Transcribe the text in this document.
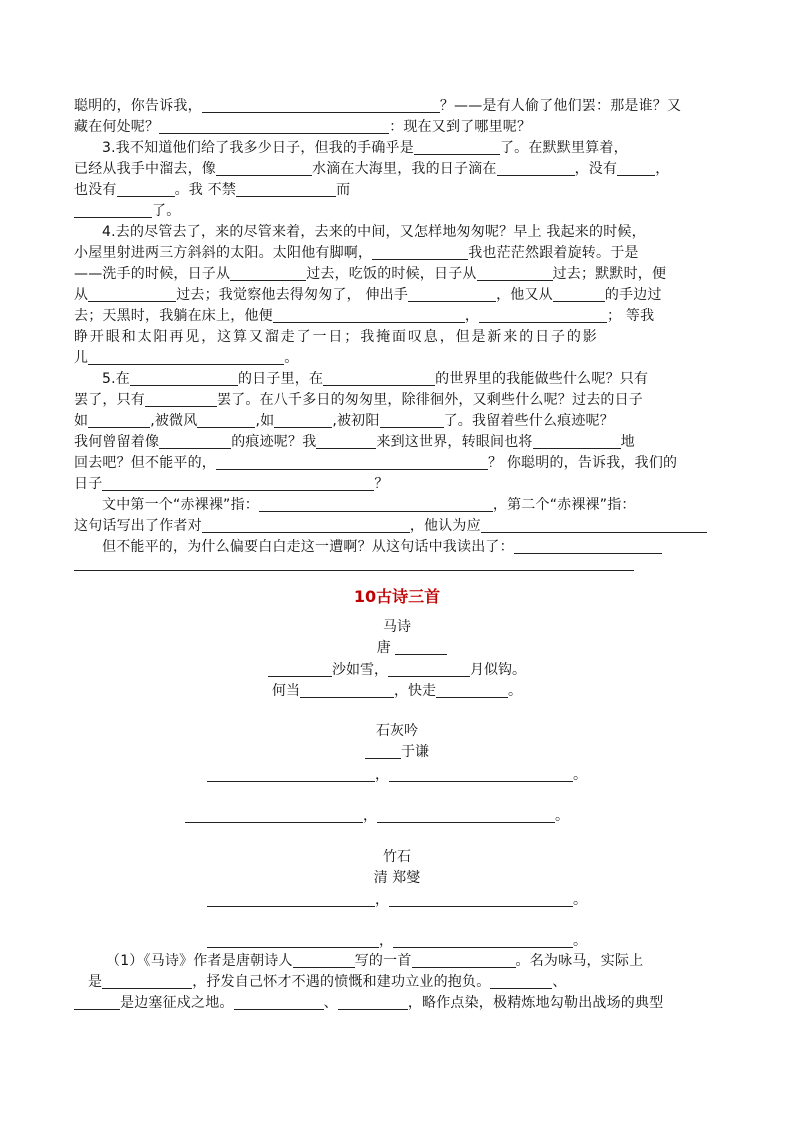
聪明的，你告诉我，	？——是有人偷了他们罢：那是谁？又
藏在何处呢？	：现在又到了哪里呢？
3.我不知道他们给了我多少日子，但我的手确乎是	了。在默默里算着，
已经从我手中溜去，像	水滴在大海里，我的日子滴在	，没有	，
也没有	。我 不禁	而
了。
4.去的尽管去了，来的尽管来着，去来的中间，又怎样地匆匆呢？早上 我起来的时候，
小屋里射进两三方斜斜的太阳。太阳他有脚啊，	我也茫茫然跟着旋转。于是
——洗手的时候，日子从	过去，吃饭的时候，日子从	过去；默默时，便
从	过去；我觉察他去得匆匆了， 伸出手	，他又从	的手边过
去；天黑时，我躺在床上，他便	，	； 等我
睁开眼和太阳再见，这算又溜走了一日；我掩面叹息，但是新来的日子的影
儿	。
5.在	的日子里，在	的世界里的我能做些什么呢？只有
罢了，只有	罢了。在八千多日的匆匆里，除徘徊外，又剩些什么呢？过去的日子
如	,被微风	,如	,被初阳	了。我留着些什么痕迹呢？
我何曾留着像	的痕迹呢？我	来到这世界，转眼间也将	地
回去吧？但不能平的，	？ 你聪明的，告诉我，我们的
日子	？
文中第一个“赤裸裸”指：	，第二个“赤裸裸”指：
这句话写出了作者对	，他认为应
但不能平的，为什么偏要白白走这一遭啊？从这句话中我读出了：
10古诗三首
马诗
唐
沙如雪，	月似钩。
何当	，快走	。
石灰吟
于谦
，	。
，	。
竹石
清 郑燮
，	。
，	。
（1）《马诗》作者是唐朝诗人	写的一首	。名为咏马，实际上
是	，抒发自己怀才不遇的愤慨和建功立业的抱负。	、
是边塞征戍之地。	、	，略作点染，极精炼地勾勒出战场的典型
